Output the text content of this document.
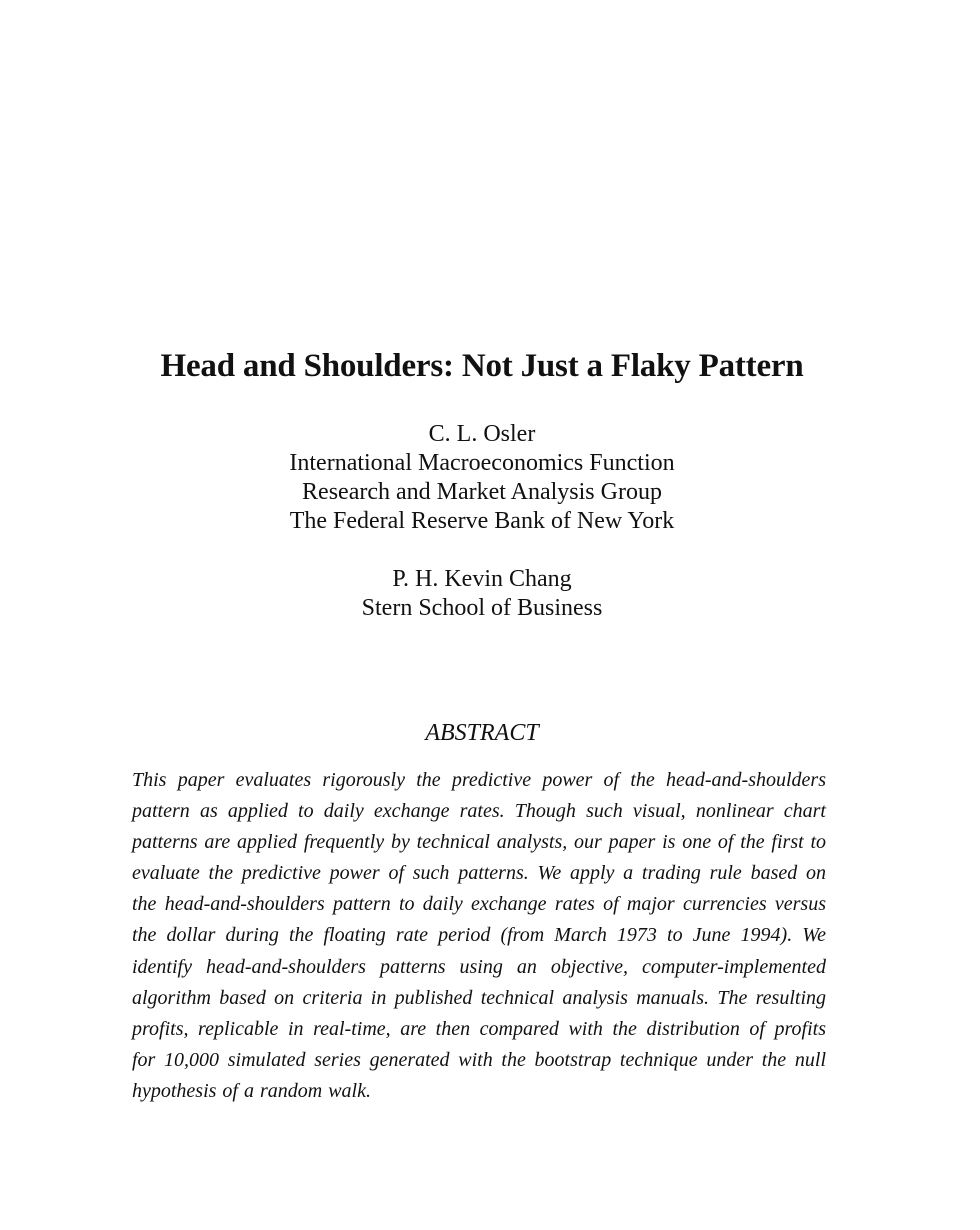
Head and Shoulders: Not Just a Flaky Pattern
C. L. Osler
International Macroeconomics Function
Research and Market Analysis Group
The Federal Reserve Bank of New York
P. H. Kevin Chang
Stern School of Business
ABSTRACT
This paper evaluates rigorously the predictive power of the head-and-shoulders
pattern as applied to daily exchange rates. Though such visual, nonlinear chart
patterns are applied frequently by technical analysts, our paper is one of the first to
evaluate the predictive power of such patterns. We apply a trading rule based on
the head-and-shoulders pattern to daily exchange rates of major currencies versus
the dollar during the floating rate period (from March 1973 to June 1994). We
identify head-and-shoulders patterns using an objective, computer-implemented
algorithm based on criteria in published technical analysis manuals. The resulting
profits, replicable in real-time, are then compared with the distribution of profits
for 10,000 simulated series generated with the bootstrap technique under the null
hypothesis of a random walk.
